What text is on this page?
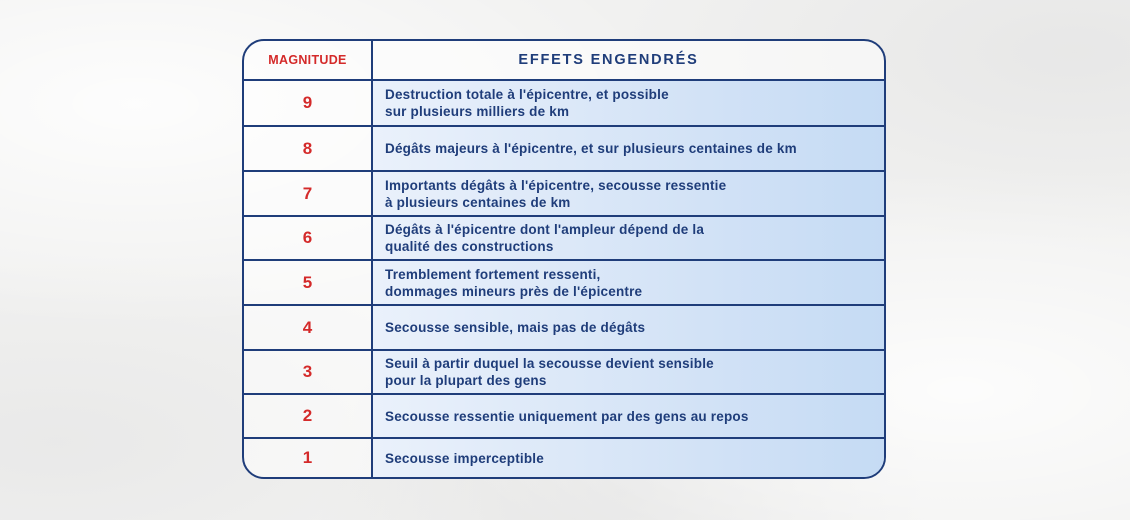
MAGNITUDE	EFFETS ENGENDRÉS
9	Destruction totale à l'épicentre, et possible
sur plusieurs milliers de km
8	Dégâts majeurs à l'épicentre, et sur plusieurs centaines de km
7	Importants dégâts à l'épicentre, secousse ressentie
à plusieurs centaines de km
6	Dégâts à l'épicentre dont l'ampleur dépend de la
qualité des constructions
5	Tremblement fortement ressenti,
dommages mineurs près de l'épicentre
4	Secousse sensible, mais pas de dégâts
3	Seuil à partir duquel la secousse devient sensible
pour la plupart des gens
2	Secousse ressentie uniquement par des gens au repos
1	Secousse imperceptible
